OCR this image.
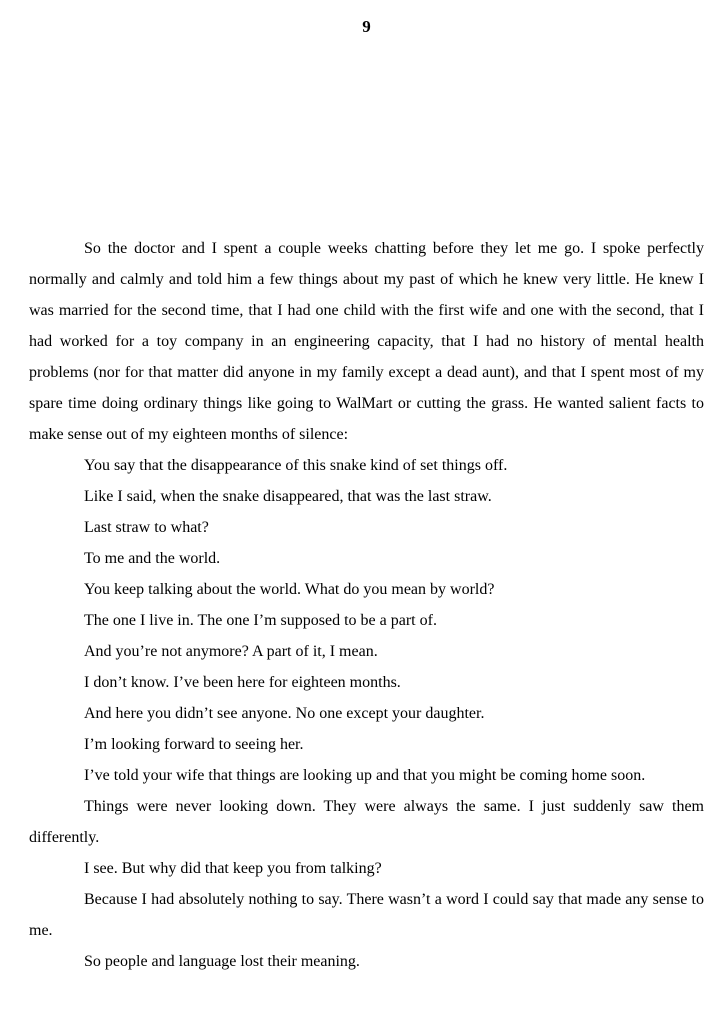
9

So the doctor and I spent a couple weeks chatting before they let me go. I spoke perfectly normally and calmly and told him a few things about my past of which he knew very little. He knew I was married for the second time, that I had one child with the first wife and one with the second, that I had worked for a toy company in an engineering capacity, that I had no history of mental health problems (nor for that matter did anyone in my family except a dead aunt), and that I spent most of my spare time doing ordinary things like going to WalMart or cutting the grass. He wanted salient facts to make sense out of my eighteen months of silence:

You say that the disappearance of this snake kind of set things off.

Like I said, when the snake disappeared, that was the last straw.

Last straw to what?

To me and the world.

You keep talking about the world. What do you mean by world?

The one I live in. The one I’m supposed to be a part of.

And you’re not anymore? A part of it, I mean.

I don’t know. I’ve been here for eighteen months.

And here you didn’t see anyone. No one except your daughter.

I’m looking forward to seeing her.

I’ve told your wife that things are looking up and that you might be coming home soon.

Things were never looking down. They were always the same. I just suddenly saw them differently.

I see. But why did that keep you from talking?

Because I had absolutely nothing to say. There wasn’t a word I could say that made any sense to me.

So people and language lost their meaning.
